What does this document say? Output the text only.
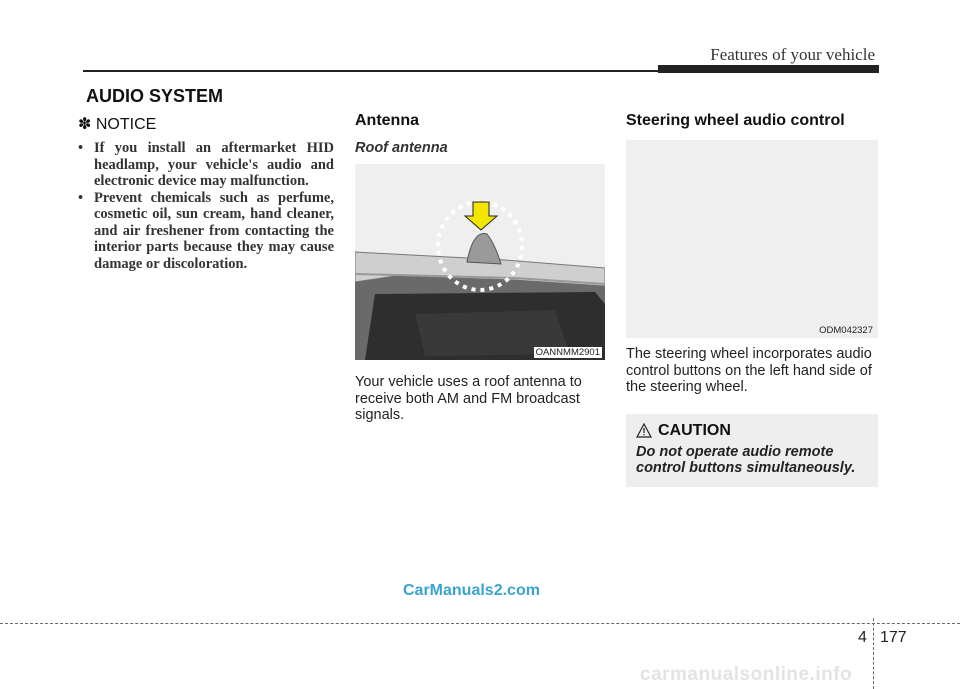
Features of your vehicle
AUDIO SYSTEM
✽ NOTICE
• If you install an aftermarket HID headlamp, your vehicle's audio and electronic device may malfunction.
• Prevent chemicals such as perfume, cosmetic oil, sun cream, hand cleaner, and air freshener from contacting the interior parts because they may cause damage or discoloration.
Antenna
Roof antenna
OANNMM2901
Your vehicle uses a roof antenna to receive both AM and FM broadcast signals.
Steering wheel audio control
ODM042327
The steering wheel incorporates audio control buttons on the left hand side of the steering wheel.
CAUTION
Do not operate audio remote control buttons simultaneously.
CarManuals2.com
4 177
carmanualsonline.info
